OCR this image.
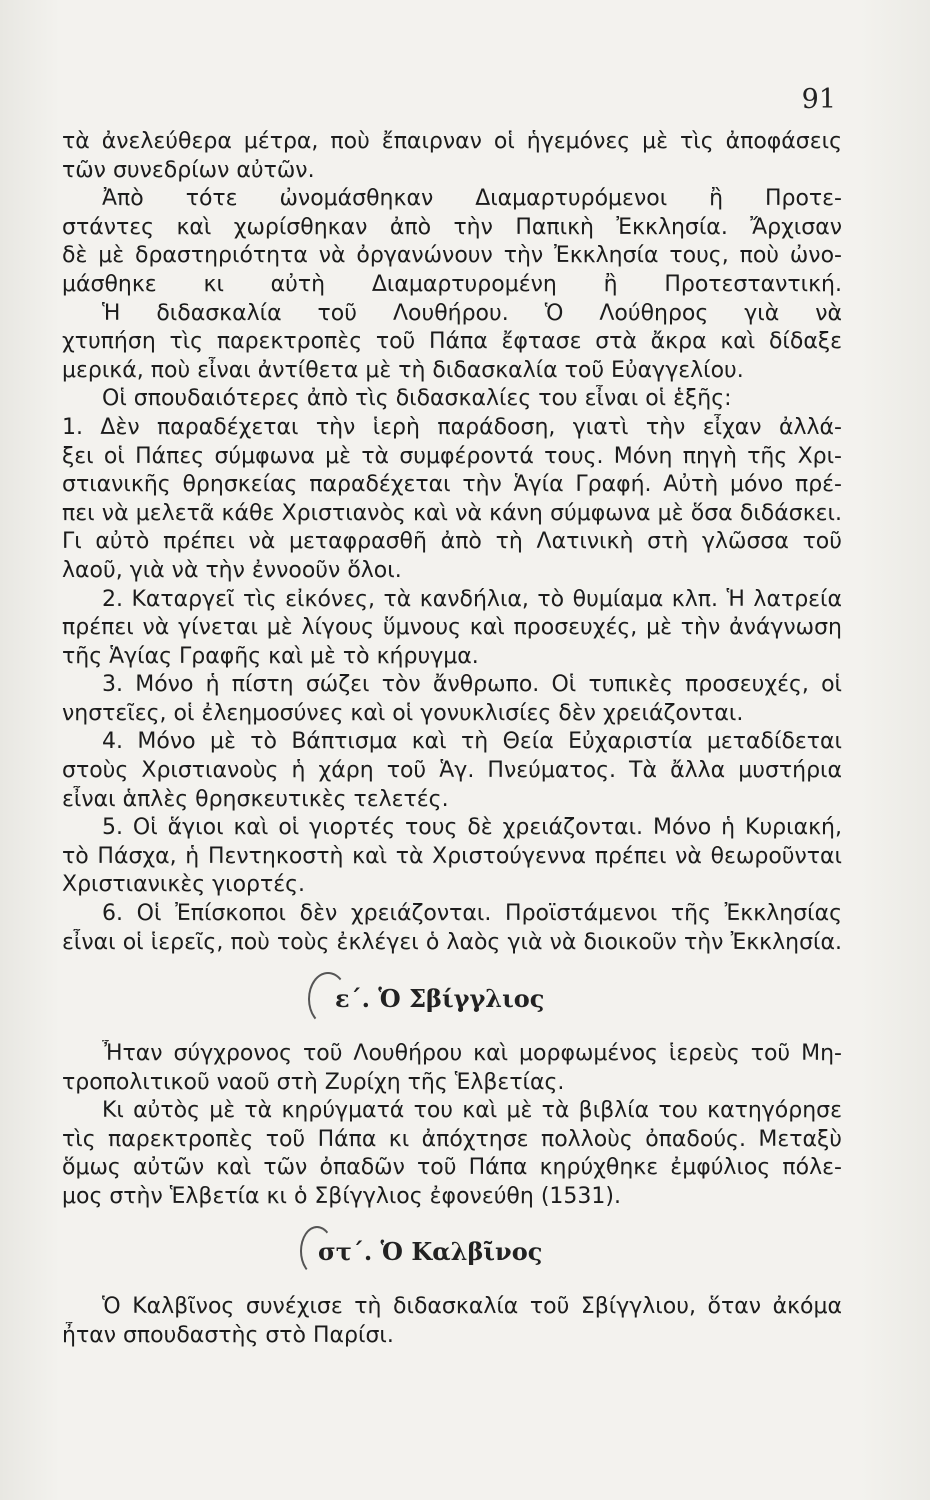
91
τὰ ἀνελεύθερα μέτρα, ποὺ ἔπαιρναν οἱ ἡγεμόνες μὲ τὶς ἀποφάσεις
τῶν συνεδρίων αὐτῶν.
Ἀπὸ τότε ὠνομάσθηκαν Διαμαρτυρόμενοι ἢ Προτε-
στάντες καὶ χωρίσθηκαν ἀπὸ τὴν Παπικὴ Ἐκκλησία. Ἄρχισαν
δὲ μὲ δραστηριότητα νὰ ὀργανώνουν τὴν Ἐκκλησία τους, ποὺ ὠνο-
μάσθηκε κι αὐτὴ Διαμαρτυρομένη ἢ Προτεσταντική.
Ἡ διδασκαλία τοῦ Λουθήρου. Ὁ Λούθηρος γιὰ νὰ
χτυπήση τὶς παρεκτροπὲς τοῦ Πάπα ἔφτασε στὰ ἄκρα καὶ δίδαξε
μερικά, ποὺ εἶναι ἀντίθετα μὲ τὴ διδασκαλία τοῦ Εὐαγγελίου.
Οἱ σπουδαιότερες ἀπὸ τὶς διδασκαλίες του εἶναι οἱ ἑξῆς:
1. Δὲν παραδέχεται τὴν ἱερὴ παράδοση, γιατὶ τὴν εἶχαν ἀλλά-
ξει οἱ Πάπες σύμφωνα μὲ τὰ συμφέροντά τους. Μόνη πηγὴ τῆς Χρι-
στιανικῆς θρησκείας παραδέχεται τὴν Ἁγία Γραφή. Αὐτὴ μόνο πρέ-
πει νὰ μελετᾶ κάθε Χριστιανὸς καὶ νὰ κάνη σύμφωνα μὲ ὅσα διδάσκει.
Γι αὐτὸ πρέπει νὰ μεταφρασθῆ ἀπὸ τὴ Λατινικὴ στὴ γλῶσσα τοῦ
λαοῦ, γιὰ νὰ τὴν ἐννοοῦν ὅλοι.
2. Καταργεῖ τὶς εἰκόνες, τὰ κανδήλια, τὸ θυμίαμα κλπ. Ἡ λατρεία
πρέπει νὰ γίνεται μὲ λίγους ὕμνους καὶ προσευχές, μὲ τὴν ἀνάγνωση
τῆς Ἁγίας Γραφῆς καὶ μὲ τὸ κήρυγμα.
3. Μόνο ἡ πίστη σώζει τὸν ἄνθρωπο. Οἱ τυπικὲς προσευχές, οἱ
νηστεῖες, οἱ ἐλεημοσύνες καὶ οἱ γονυκλισίες δὲν χρειάζονται.
4. Μόνο μὲ τὸ Βάπτισμα καὶ τὴ Θεία Εὐχαριστία μεταδίδεται
στοὺς Χριστιανοὺς ἡ χάρη τοῦ Ἁγ. Πνεύματος. Τὰ ἄλλα μυστήρια
εἶναι ἁπλὲς θρησκευτικὲς τελετές.
5. Οἱ ἅγιοι καὶ οἱ γιορτές τους δὲ χρειάζονται. Μόνο ἡ Κυριακή,
τὸ Πάσχα, ἡ Πεντηκοστὴ καὶ τὰ Χριστούγεννα πρέπει νὰ θεωροῦνται
Χριστιανικὲς γιορτές.
6. Οἱ Ἐπίσκοποι δὲν χρειάζονται. Προϊστάμενοι τῆς Ἐκκλησίας
εἶναι οἱ ἱερεῖς, ποὺ τοὺς ἐκλέγει ὁ λαὸς γιὰ νὰ διοικοῦν τὴν Ἐκκλησία.
ε΄. Ὁ Σβίγγλιος
Ἦταν σύγχρονος τοῦ Λουθήρου καὶ μορφωμένος ἱερεὺς τοῦ Μη-
τροπολιτικοῦ ναοῦ στὴ Ζυρίχη τῆς Ἑλβετίας.
Κι αὐτὸς μὲ τὰ κηρύγματά του καὶ μὲ τὰ βιβλία του κατηγόρησε
τὶς παρεκτροπὲς τοῦ Πάπα κι ἀπόχτησε πολλοὺς ὀπαδούς. Μεταξὺ
ὅμως αὐτῶν καὶ τῶν ὀπαδῶν τοῦ Πάπα κηρύχθηκε ἐμφύλιος πόλε-
μος στὴν Ἑλβετία κι ὁ Σβίγγλιος ἐφονεύθη (1531).
στ΄. Ὁ Καλβῖνος
Ὁ Καλβῖνος συνέχισε τὴ διδασκαλία τοῦ Σβίγγλιου, ὅταν ἀκόμα
ἦταν σπουδαστὴς στὸ Παρίσι.
